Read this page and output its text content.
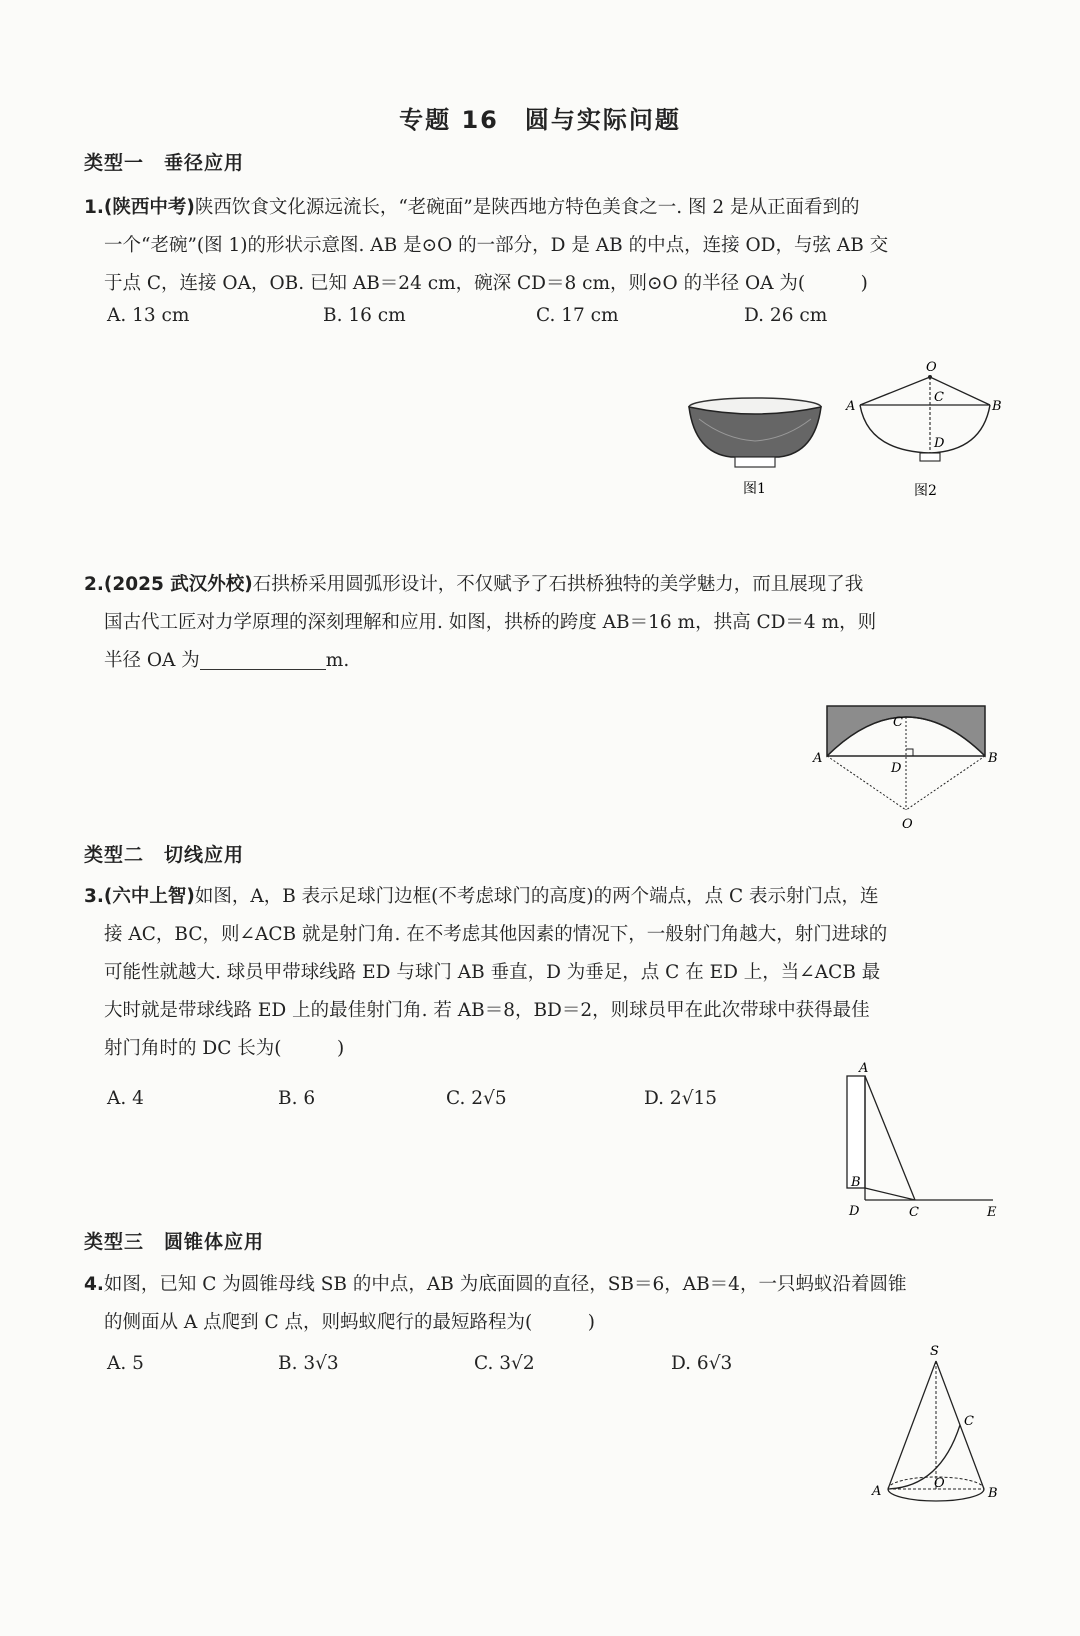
专题 16　圆与实际问题
类型一　垂径应用
1.(陕西中考)陕西饮食文化源远流长，“老碗面”是陕西地方特色美食之一. 图 2 是从正面看到的
一个“老碗”(图 1)的形状示意图. AB 是⊙O 的一部分，D 是 AB 的中点，连接 OD，与弦 AB 交
于点 C，连接 OA，OB. 已知 AB＝24 cm，碗深 CD＝8 cm，则⊙O 的半径 OA 为(　　　)
A. 13 cm	B. 16 cm	C. 17 cm	D. 26 cm
图1
O
A	B
C
D
图2
2.(2025 武汉外校)石拱桥采用圆弧形设计，不仅赋予了石拱桥独特的美学魅力，而且展现了我
国古代工匠对力学原理的深刻理解和应用. 如图，拱桥的跨度 AB＝16 m，拱高 CD＝4 m，则
半径 OA 为	m.
A	B
C
D
O
类型二　切线应用
3.(六中上智)如图，A，B 表示足球门边框(不考虑球门的高度)的两个端点，点 C 表示射门点，连
接 AC，BC，则∠ACB 就是射门角. 在不考虑其他因素的情况下，一般射门角越大，射门进球的
可能性就越大. 球员甲带球线路 ED 与球门 AB 垂直，D 为垂足，点 C 在 ED 上，当∠ACB 最
大时就是带球线路 ED 上的最佳射门角. 若 AB＝8，BD＝2，则球员甲在此次带球中获得最佳
射门角时的 DC 长为(　　　)
A. 4	B. 6	C. 2√5	D. 2√15
A
B
D	C	E
类型三　圆锥体应用
4.如图，已知 C 为圆锥母线 SB 的中点，AB 为底面圆的直径，SB＝6，AB＝4，一只蚂蚁沿着圆锥
的侧面从 A 点爬到 C 点，则蚂蚁爬行的最短路程为(　　　)
A. 5	B. 3√3	C. 3√2	D. 6√3
S
C
A	B
O
